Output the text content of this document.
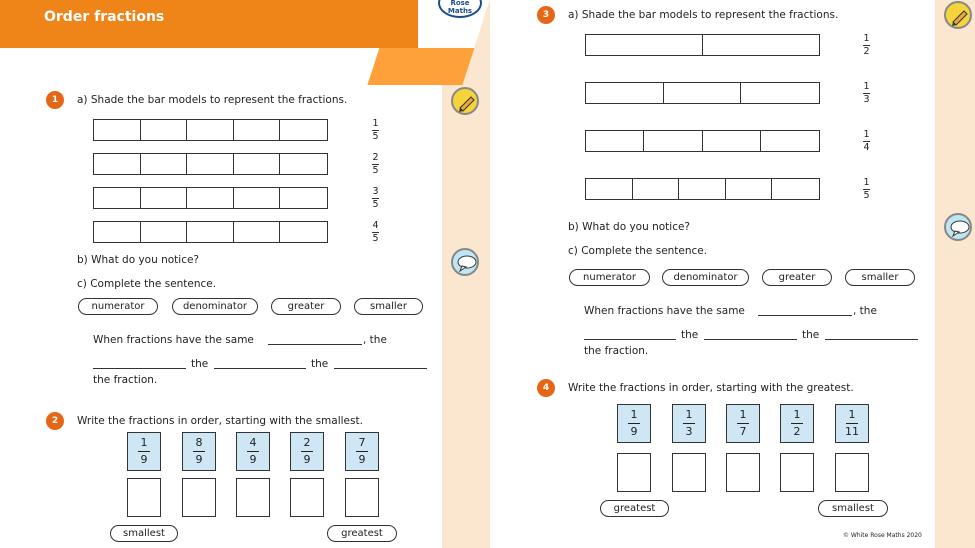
Order fractions
Rose Maths
1	a) Shade the bar models to represent the fractions.
1
5
2
5
3
5
4
5
b) What do you notice?
c) Complete the sentence.
numerator	denominator	greater	smaller
When fractions have the same	, the
the	the
the fraction.
2	Write the fractions in order, starting with the smallest.
1
9
8
9
4
9
2
9
7
9
smallest	greatest
3	a) Shade the bar models to represent the fractions.
1
2
1
3
1
4
1
5
b) What do you notice?
c) Complete the sentence.
numerator	denominator	greater	smaller
When fractions have the same	, the
the	the
the fraction.
4	Write the fractions in order, starting with the greatest.
1
9
1
3
1
7
1
2
1
11
greatest	smallest
© White Rose Maths 2020
